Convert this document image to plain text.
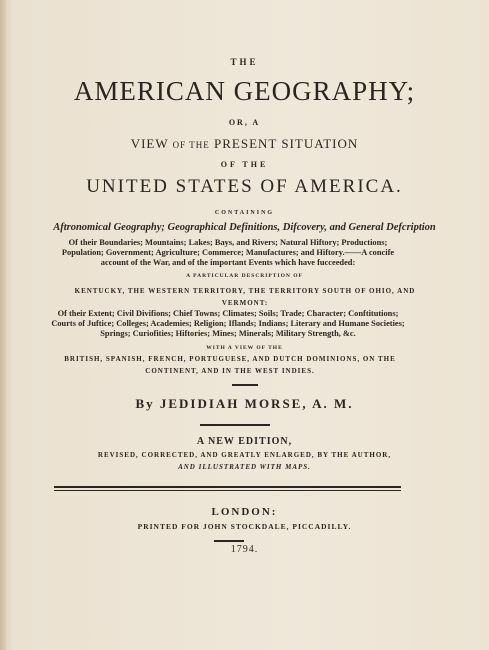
THE
AMERICAN GEOGRAPHY;
OR, A
VIEW OF THE PRESENT SITUATION
OF THE
UNITED STATES OF AMERICA.
CONTAINING
Aftronomical Geography; Geographical Definitions, Difcovery, and General Defcription
Of their Boundaries; Mountains; Lakes; Bays, and Rivers; Natural Hiftory; Productions; Population; Government; Agriculture; Commerce; Manufactures; and Hiftory.——A concife account of the War, and of the important Events which have fucceeded:
A PARTICULAR DESCRIPTION OF
KENTUCKY, THE WESTERN TERRITORY, THE TERRITORY SOUTH OF OHIO, AND VERMONT:
Of their Extent; Civil Divifions; Chief Towns; Climates; Soils; Trade; Character; Conftitutions; Courts of Juftice; Colleges; Academies; Religion; Iflands; Indians; Literary and Humane Societies; Springs; Curiofities; Hiftories; Mines; Minerals; Military Strength, &c.
WITH A VIEW OF THE
BRITISH, SPANISH, FRENCH, PORTUGUESE, AND DUTCH DOMINIONS, ON THE CONTINENT, AND IN THE WEST INDIES.
By JEDIDIAH MORSE, A. M.
A NEW EDITION,
REVISED, CORRECTED, AND GREATLY ENLARGED, BY THE AUTHOR,
AND ILLUSTRATED WITH MAPS.
LONDON:
PRINTED FOR JOHN STOCKDALE, PICCADILLY.
1794.
